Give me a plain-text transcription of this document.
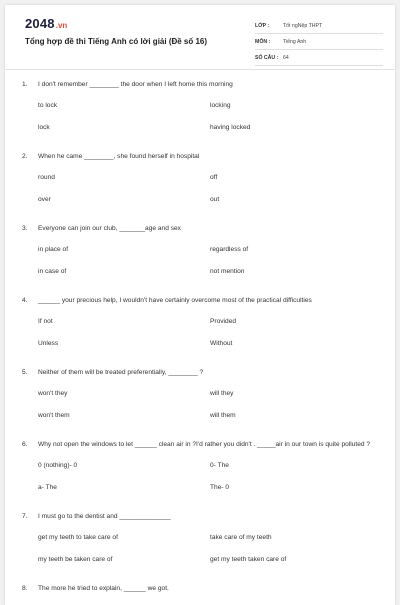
2048.vn
Tổng hợp đề thi Tiếng Anh có lời giải (Đề số 16)
LỚP :	Tốt ngNệp THPT
MÔN :	Tiếng Anh
SỐ CÂU : 64
1.	I don't remember ________ the door when I left home this morning
to lock	locking
lock	having locked
2.	When he came ________, she found herself in hospital
round	off
over	out
3.	Everyone can join our club, _______age and sex
in place of	regardless of
in case of	not mention
4.	______ your precious help, I wouldn't have certainly overcome most of the practical difficulties
If not	Provided
Unless	Without
5.	Neither of them will be treated preferentially, ________ ?
won't they	will they
won't them	will them
6.	Why not open the windows to let ______ clean air in ?I'd rather you didn't . _____air in our town is quite polluted ?
0 (nothing)- 0	0- The
a- The	The- 0
7.	I must go to the dentist and ______________
get my teeth to take care of	take care of my teeth
my teeth be taken care of	get my teeth taken care of
8.	The more he tried to explain, ______ we got.
